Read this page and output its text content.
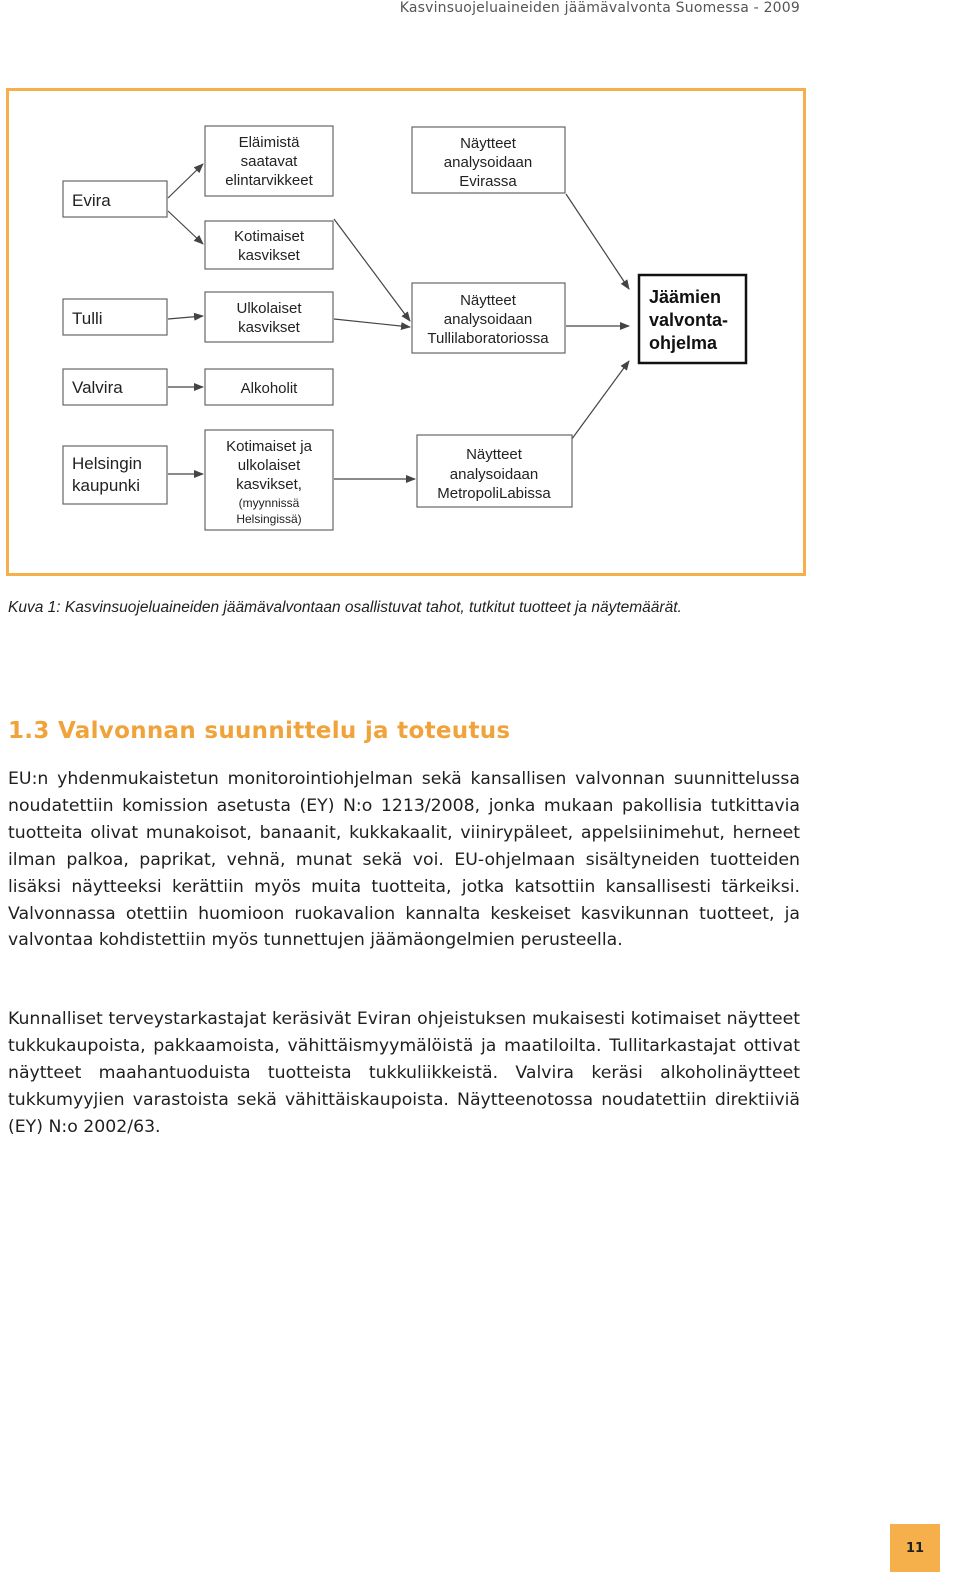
Kasvinsuojeluaineiden jäämävalvonta Suomessa - 2009
Evira
Tulli
Valvira
Helsingin
kaupunki
Eläimistä
saatavat
elintarvikkeet
Kotimaiset
kasvikset
Ulkolaiset
kasvikset
Alkoholit
Kotimaiset ja
ulkolaiset
kasvikset,
(myynnissä
Helsingissä)
Näytteet
analysoidaan
Evirassa
Näytteet
analysoidaan
Tullilaboratoriossa
Näytteet
analysoidaan
MetropoliLabissa
Jäämien
valvonta-
ohjelma
Kuva 1: Kasvinsuojeluaineiden jäämävalvontaan osallistuvat tahot, tutkitut tuotteet ja näytemäärät.
1.3 Valvonnan suunnittelu ja toteutus

EU:n yhdenmukaistetun monitorointiohjelman sekä kansallisen valvonnan suunnittelussa noudatettiin komission asetusta (EY) N:o 1213/2008, jonka mukaan pakollisia tutkittavia tuotteita olivat munakoisot, banaanit, kukkakaalit, viinirypäleet, appelsiinimehut, herneet ilman palkoa, paprikat, vehnä, munat sekä voi. EU-ohjelmaan sisältyneiden tuotteiden lisäksi näytteeksi kerättiin myös muita tuotteita, jotka katsottiin kansallisesti tärkeiksi. Valvonnassa otettiin huomioon ruokavalion kannalta keskeiset kasvikunnan tuotteet, ja valvontaa kohdistettiin myös tunnettujen jäämäongelmien perusteella.

Kunnalliset terveystarkastajat keräsivät Eviran ohjeistuksen mukaisesti kotimaiset näytteet tukkukaupoista, pakkaamoista, vähittäismyymälöistä ja maatiloilta. Tullitarkastajat ottivat näytteet maahantuoduista tuotteista tukkuliikkeistä. Valvira keräsi alkoholinäytteet tukkumyyjien varastoista sekä vähittäiskaupoista. Näytteenotossa noudatettiin direktiiviä (EY) N:o 2002/63.

11
